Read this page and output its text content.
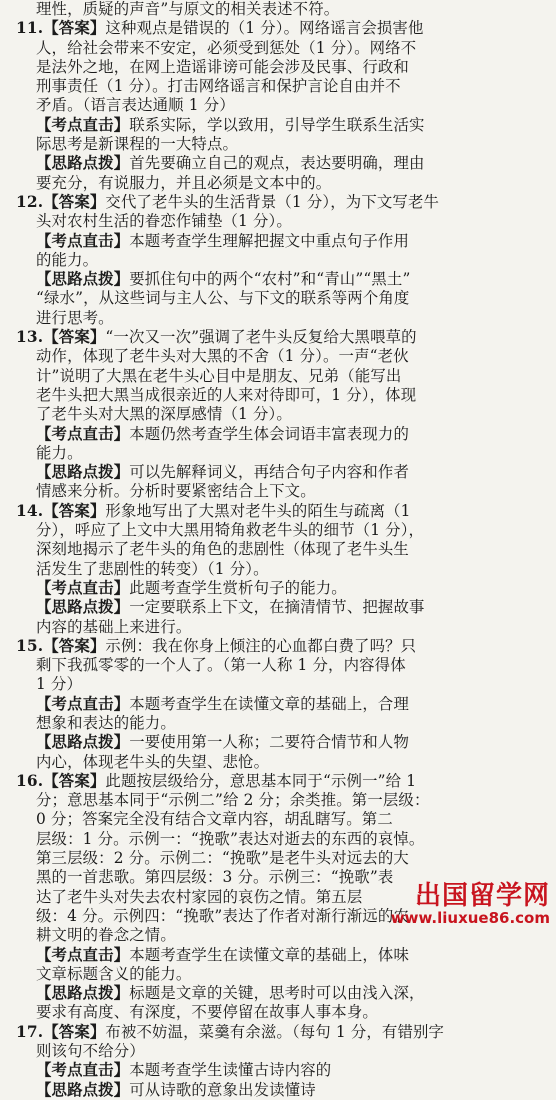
理性，质疑的声音”与原文的相关表述不符。
11.【答案】这种观点是错误的（1 分）。网络谣言会损害他
人，给社会带来不安定，必须受到惩处（1 分）。网络不
是法外之地，在网上造谣诽谤可能会涉及民事、行政和
刑事责任（1 分）。打击网络谣言和保护言论自由并不
矛盾。（语言表达通顺 1 分）
【考点直击】联系实际，学以致用，引导学生联系生活实
际思考是新课程的一大特点。
【思路点拨】首先要确立自己的观点，表达要明确，理由
要充分，有说服力，并且必须是文本中的。
12.【答案】交代了老牛头的生活背景（1 分），为下文写老牛
头对农村生活的眷恋作铺垫（1 分）。
【考点直击】本题考查学生理解把握文中重点句子作用
的能力。
【思路点拨】要抓住句中的两个“农村”和“青山”“黑土”
“绿水”，从这些词与主人公、与下文的联系等两个角度
进行思考。
13.【答案】“一次又一次”强调了老牛头反复给大黑喂草的
动作，体现了老牛头对大黑的不舍（1 分）。一声“老伙
计”说明了大黑在老牛头心目中是朋友、兄弟（能写出
老牛头把大黑当成很亲近的人来对待即可，1 分），体现
了老牛头对大黑的深厚感情（1 分）。
【考点直击】本题仍然考查学生体会词语丰富表现力的
能力。
【思路点拨】可以先解释词义，再结合句子内容和作者
情感来分析。分析时要紧密结合上下文。
14.【答案】形象地写出了大黑对老牛头的陌生与疏离（1
分），呼应了上文中大黑用犄角救老牛头的细节（1 分），
深刻地揭示了老牛头的角色的悲剧性（体现了老牛头生
活发生了悲剧性的转变）（1 分）。
【考点直击】此题考查学生赏析句子的能力。
【思路点拨】一定要联系上下文，在摘清情节、把握故事
内容的基础上来进行。
15.【答案】示例：我在你身上倾注的心血都白费了吗？只
剩下我孤零零的一个人了。（第一人称 1 分，内容得体
1 分）
【考点直击】本题考查学生在读懂文章的基础上，合理
想象和表达的能力。
【思路点拨】一要使用第一人称；二要符合情节和人物
内心，体现老牛头的失望、悲怆。
16.【答案】此题按层级给分，意思基本同于“示例一”给 1
分；意思基本同于“示例二”给 2 分；余类推。第一层级：
0 分；答案完全没有结合文章内容，胡乱瞎写。第二
层级：1 分。示例一：“挽歌”表达对逝去的东西的哀悼。
第三层级：2 分。示例二：“挽歌”是老牛头对远去的大
黑的一首悲歌。第四层级：3 分。示例三：“挽歌”表
达了老牛头对失去农村家园的哀伤之情。第五层
级：4 分。示例四：“挽歌”表达了作者对渐行渐远的农
耕文明的眷念之情。
【考点直击】本题考查学生在读懂文章的基础上，体味
文章标题含义的能力。
【思路点拨】标题是文章的关键，思考时可以由浅入深，
要求有高度、有深度，不要停留在故事人事本身。
17.【答案】布被不妨温，菜羹有余滋。（每句 1 分，有错别字
则该句不给分）
【考点直击】本题考查学生读懂古诗内容的
【思路点拨】可从诗歌的意象出发读懂诗
出国留学网
www.liuxue86.com
